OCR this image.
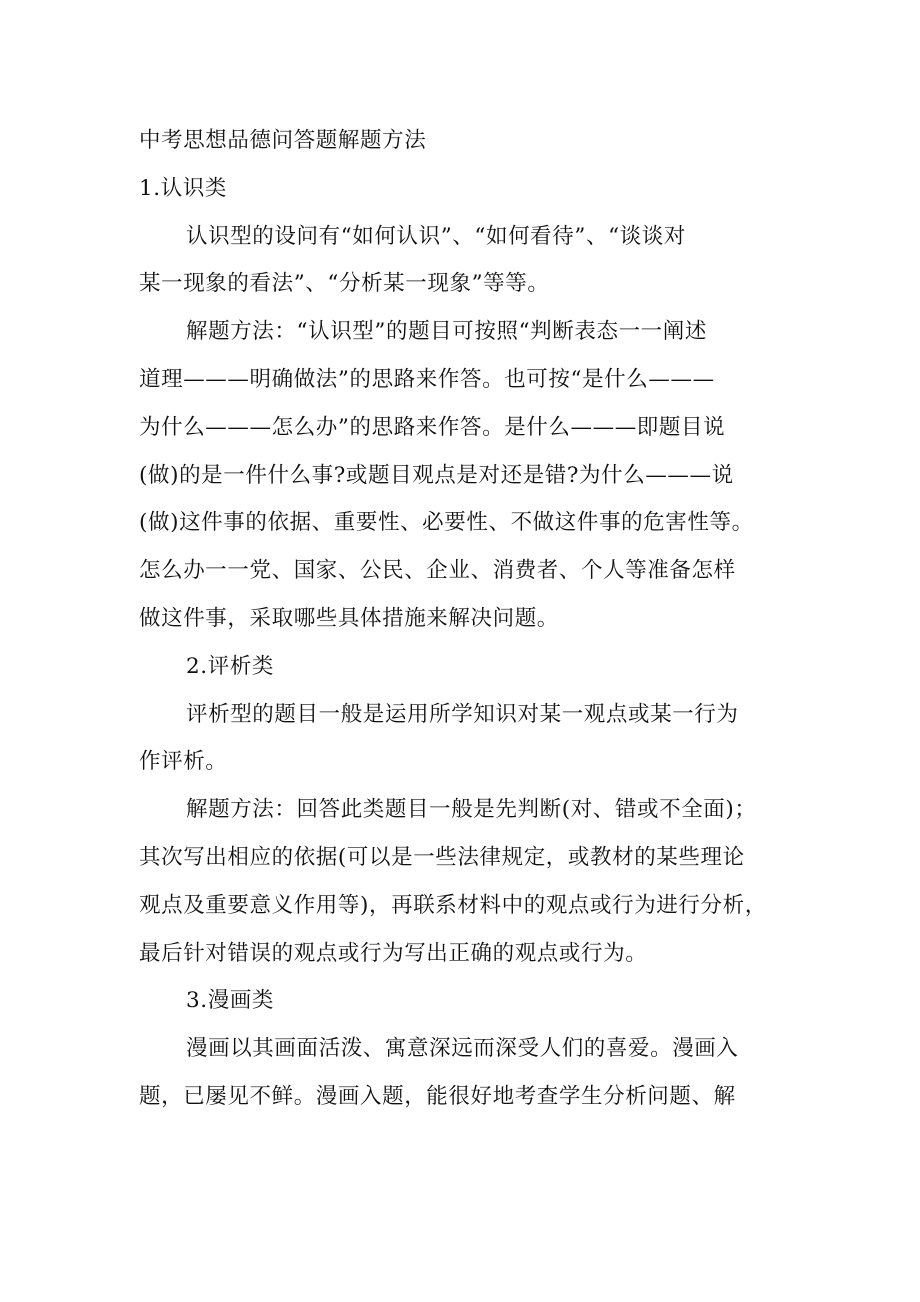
中考思想品德问答题解题方法
1.认识类
认识型的设问有“如何认识”、“如何看待”、“谈谈对
某一现象的看法”、“分析某一现象”等等。
解题方法：“认识型”的题目可按照“判断表态一一阐述
道理———明确做法”的思路来作答。也可按“是什么———
为什么———怎么办”的思路来作答。是什么———即题目说
(做)的是一件什么事?或题目观点是对还是错?为什么———说
(做)这件事的依据、重要性、必要性、不做这件事的危害性等。
怎么办一一党、国家、公民、企业、消费者、个人等准备怎样
做这件事，采取哪些具体措施来解决问题。
2.评析类
评析型的题目一般是运用所学知识对某一观点或某一行为
作评析。
解题方法：回答此类题目一般是先判断(对、错或不全面)；
其次写出相应的依据(可以是一些法律规定，或教材的某些理论
观点及重要意义作用等)，再联系材料中的观点或行为进行分析，
最后针对错误的观点或行为写出正确的观点或行为。
3.漫画类
漫画以其画面活泼、寓意深远而深受人们的喜爱。漫画入
题，已屡见不鲜。漫画入题，能很好地考查学生分析问题、解
